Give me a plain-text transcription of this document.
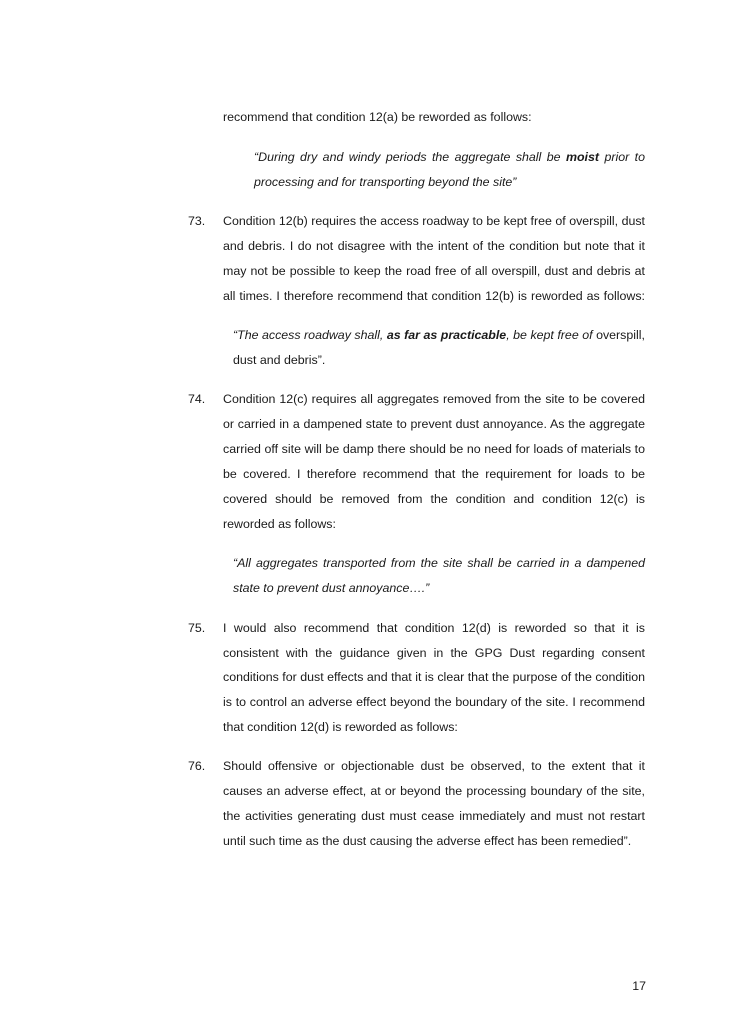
recommend that condition 12(a) be reworded as follows:
“During dry and windy periods the aggregate shall be moist prior to
processing and for transporting beyond the site”
73. Condition 12(b) requires the access roadway to be kept free of overspill, dust
and debris. I do not disagree with the intent of the condition but note that it
may not be possible to keep the road free of all overspill, dust and debris at
all times. I therefore recommend that condition 12(b) is reworded as follows:
“The access roadway shall, as far as practicable, be kept free of overspill,
dust and debris”.
74. Condition 12(c) requires all aggregates removed from the site to be covered
or carried in a dampened state to prevent dust annoyance. As the aggregate
carried off site will be damp there should be no need for loads of materials to
be covered. I therefore recommend that the requirement for loads to be
covered should be removed from the condition and condition 12(c) is
reworded as follows:
“All aggregates transported from the site shall be carried in a dampened
state to prevent dust annoyance….”
75. I would also recommend that condition 12(d) is reworded so that it is
consistent with the guidance given in the GPG Dust regarding consent
conditions for dust effects and that it is clear that the purpose of the condition
is to control an adverse effect beyond the boundary of the site. I recommend
that condition 12(d) is reworded as follows:
76. Should offensive or objectionable dust be observed, to the extent that it
causes an adverse effect, at or beyond the processing boundary of the site,
the activities generating dust must cease immediately and must not restart
until such time as the dust causing the adverse effect has been remedied”.
17
